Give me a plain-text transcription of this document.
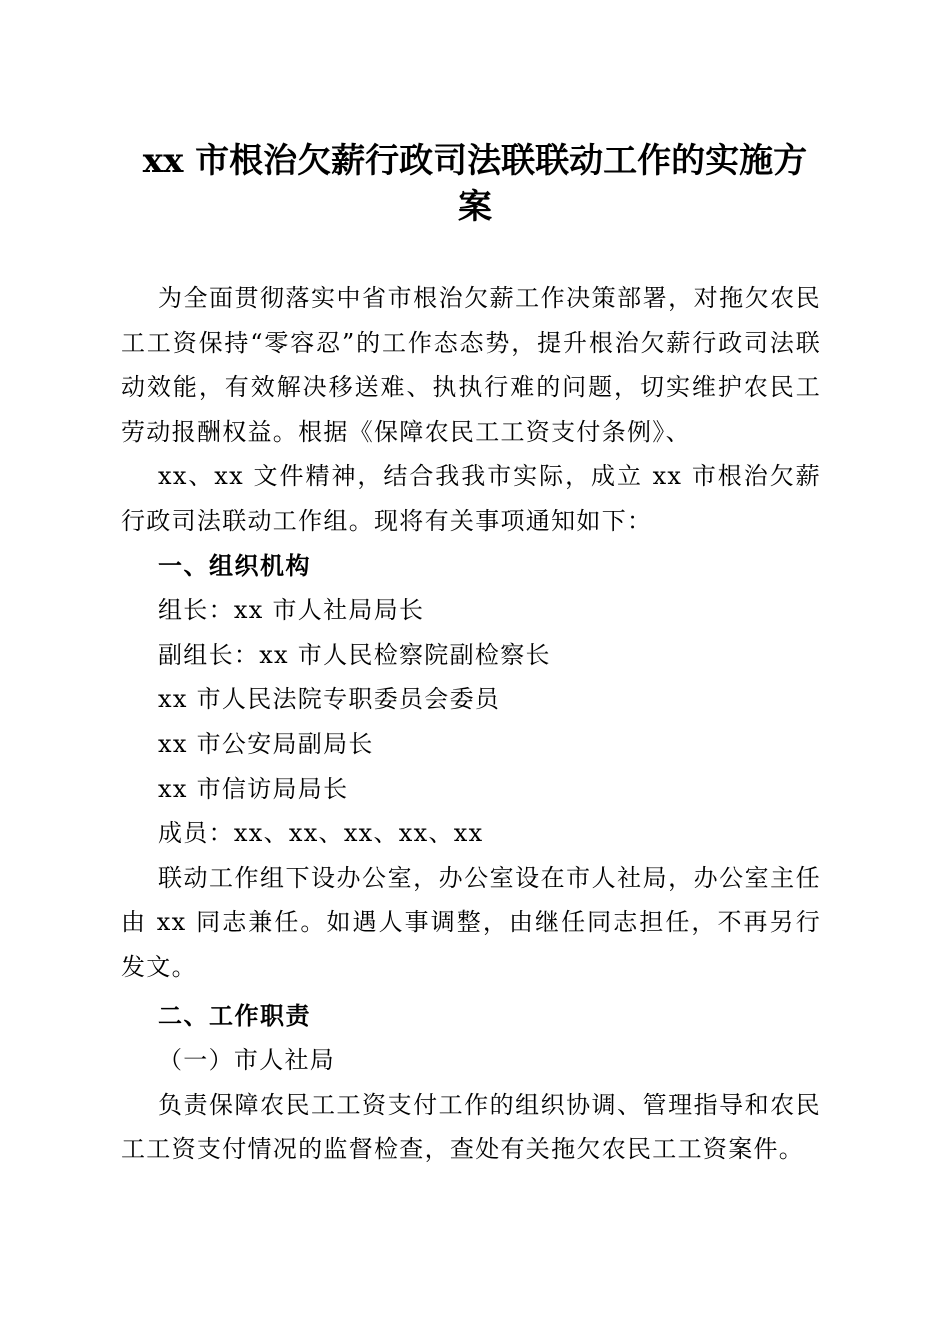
xx 市根治欠薪行政司法联联动工作的实施方
案

为全面贯彻落实中省市根治欠薪工作决策部署，对拖欠农民工工资保持“零容忍”的工作态态势，提升根治欠薪行政司法联动效能，有效解决移送难、执执行难的问题，切实维护农民工劳动报酬权益。根据《保障农民工工资支付条例》、

xx、xx 文件精神，结合我我市实际，成立 xx 市根治欠薪行政司法联动工作组。现将有关事项通知如下：

一、组织机构

组长：xx 市人社局局长

副组长：xx 市人民检察院副检察长

xx 市人民法院专职委员会委员

xx 市公安局副局长

xx 市信访局局长

成员：xx、xx、xx、xx、xx

联动工作组下设办公室，办公室设在市人社局，办公室主任由 xx 同志兼任。如遇人事调整，由继任同志担任，不再另行发文。

二、工作职责

（一）市人社局

负责保障农民工工资支付工作的组织协调、管理指导和农民工工资支付情况的监督检查，查处有关拖欠农民工工资案件。
